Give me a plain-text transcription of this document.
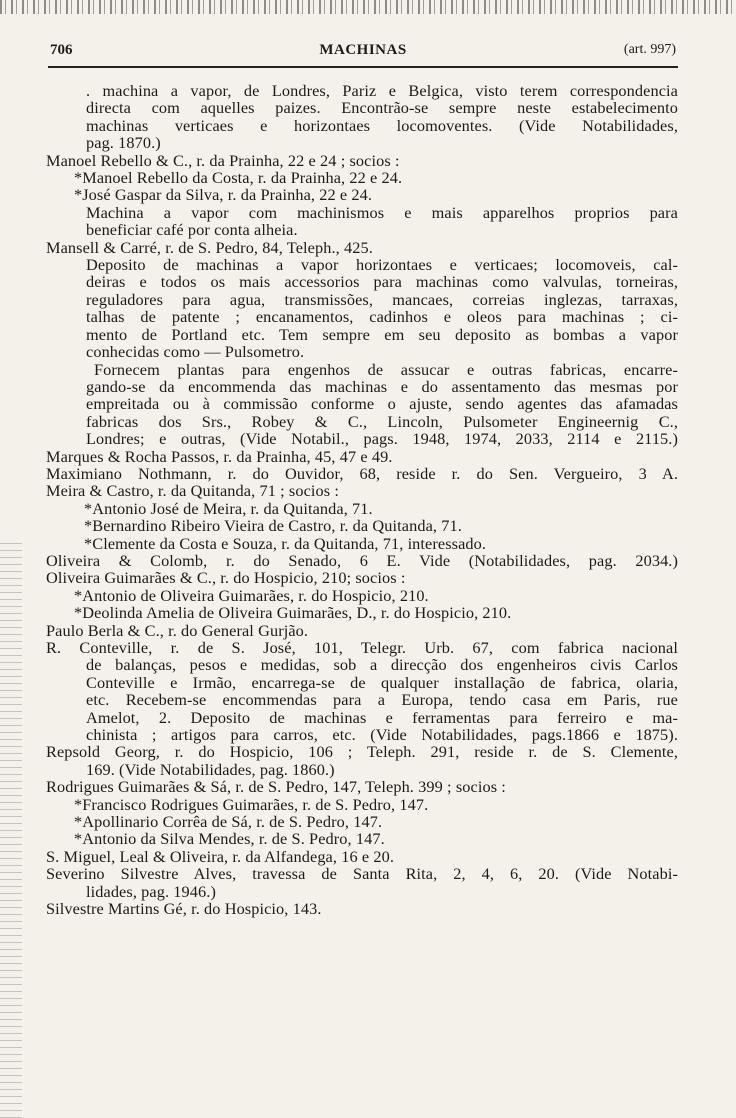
706	MACHINAS	(art. 997)
. machina a vapor, de Londres, Pariz e Belgica, visto terem correspondencia
directa com aquelles paizes. Encontrão-se sempre neste estabelecimento
machinas verticaes e horizontaes locomoventes. (Vide Notabilidades,
pag. 1870.)
Manoel Rebello & C., r. da Prainha, 22 e 24 ; socios :
*Manoel Rebello da Costa, r. da Prainha, 22 e 24.
*José Gaspar da Silva, r. da Prainha, 22 e 24.
Machina a vapor com machinismos e mais apparelhos proprios para
beneficiar café por conta alheia.
Mansell & Carré, r. de S. Pedro, 84, Teleph., 425.
Deposito de machinas a vapor horizontaes e verticaes; locomoveis, cal-
deiras e todos os mais accessorios para machinas como valvulas, torneiras,
reguladores para agua, transmissões, mancaes, correias inglezas, tarraxas,
talhas de patente ; encanamentos, cadinhos e oleos para machinas ; ci-
mento de Portland etc. Tem sempre em seu deposito as bombas a vapor
conhecidas como — Pulsometro.
Fornecem plantas para engenhos de assucar e outras fabricas, encarre-
gando-se da encommenda das machinas e do assentamento das mesmas por
empreitada ou à commissão conforme o ajuste, sendo agentes das afamadas
fabricas dos Srs., Robey & C., Lincoln, Pulsometer Engineernig C.,
Londres; e outras, (Vide Notabil., pags. 1948, 1974, 2033, 2114 e 2115.)
Marques & Rocha Passos, r. da Prainha, 45, 47 e 49.
Maximiano Nothmann, r. do Ouvidor, 68, reside r. do Sen. Vergueiro, 3 A.
Meira & Castro, r. da Quitanda, 71 ; socios :
*Antonio José de Meira, r. da Quitanda, 71.
*Bernardino Ribeiro Vieira de Castro, r. da Quitanda, 71.
*Clemente da Costa e Souza, r. da Quitanda, 71, interessado.
Oliveira & Colomb, r. do Senado, 6 E. Vide (Notabilidades, pag. 2034.)
Oliveira Guimarães & C., r. do Hospicio, 210; socios :
*Antonio de Oliveira Guimarães, r. do Hospicio, 210.
*Deolinda Amelia de Oliveira Guimarães, D., r. do Hospicio, 210.
Paulo Berla & C., r. do General Gurjão.
R. Conteville, r. de S. José, 101, Telegr. Urb. 67, com fabrica nacional
de balanças, pesos e medidas, sob a direcção dos engenheiros civis Carlos
Conteville e Irmão, encarrega-se de qualquer installação de fabrica, olaria,
etc. Recebem-se encommendas para a Europa, tendo casa em Paris, rue
Amelot, 2. Deposito de machinas e ferramentas para ferreiro e ma-
chinista ; artigos para carros, etc. (Vide Notabilidades, pags.1866 e 1875).
Repsold Georg, r. do Hospicio, 106 ; Teleph. 291, reside r. de S. Clemente,
169. (Vide Notabilidades, pag. 1860.)
Rodrigues Guimarães & Sá, r. de S. Pedro, 147, Teleph. 399 ; socios :
*Francisco Rodrigues Guimarães, r. de S. Pedro, 147.
*Apollinario Corrêa de Sá, r. de S. Pedro, 147.
*Antonio da Silva Mendes, r. de S. Pedro, 147.
S. Miguel, Leal & Oliveira, r. da Alfandega, 16 e 20.
Severino Silvestre Alves, travessa de Santa Rita, 2, 4, 6, 20. (Vide Notabi-
lidades, pag. 1946.)
Silvestre Martins Gé, r. do Hospicio, 143.
